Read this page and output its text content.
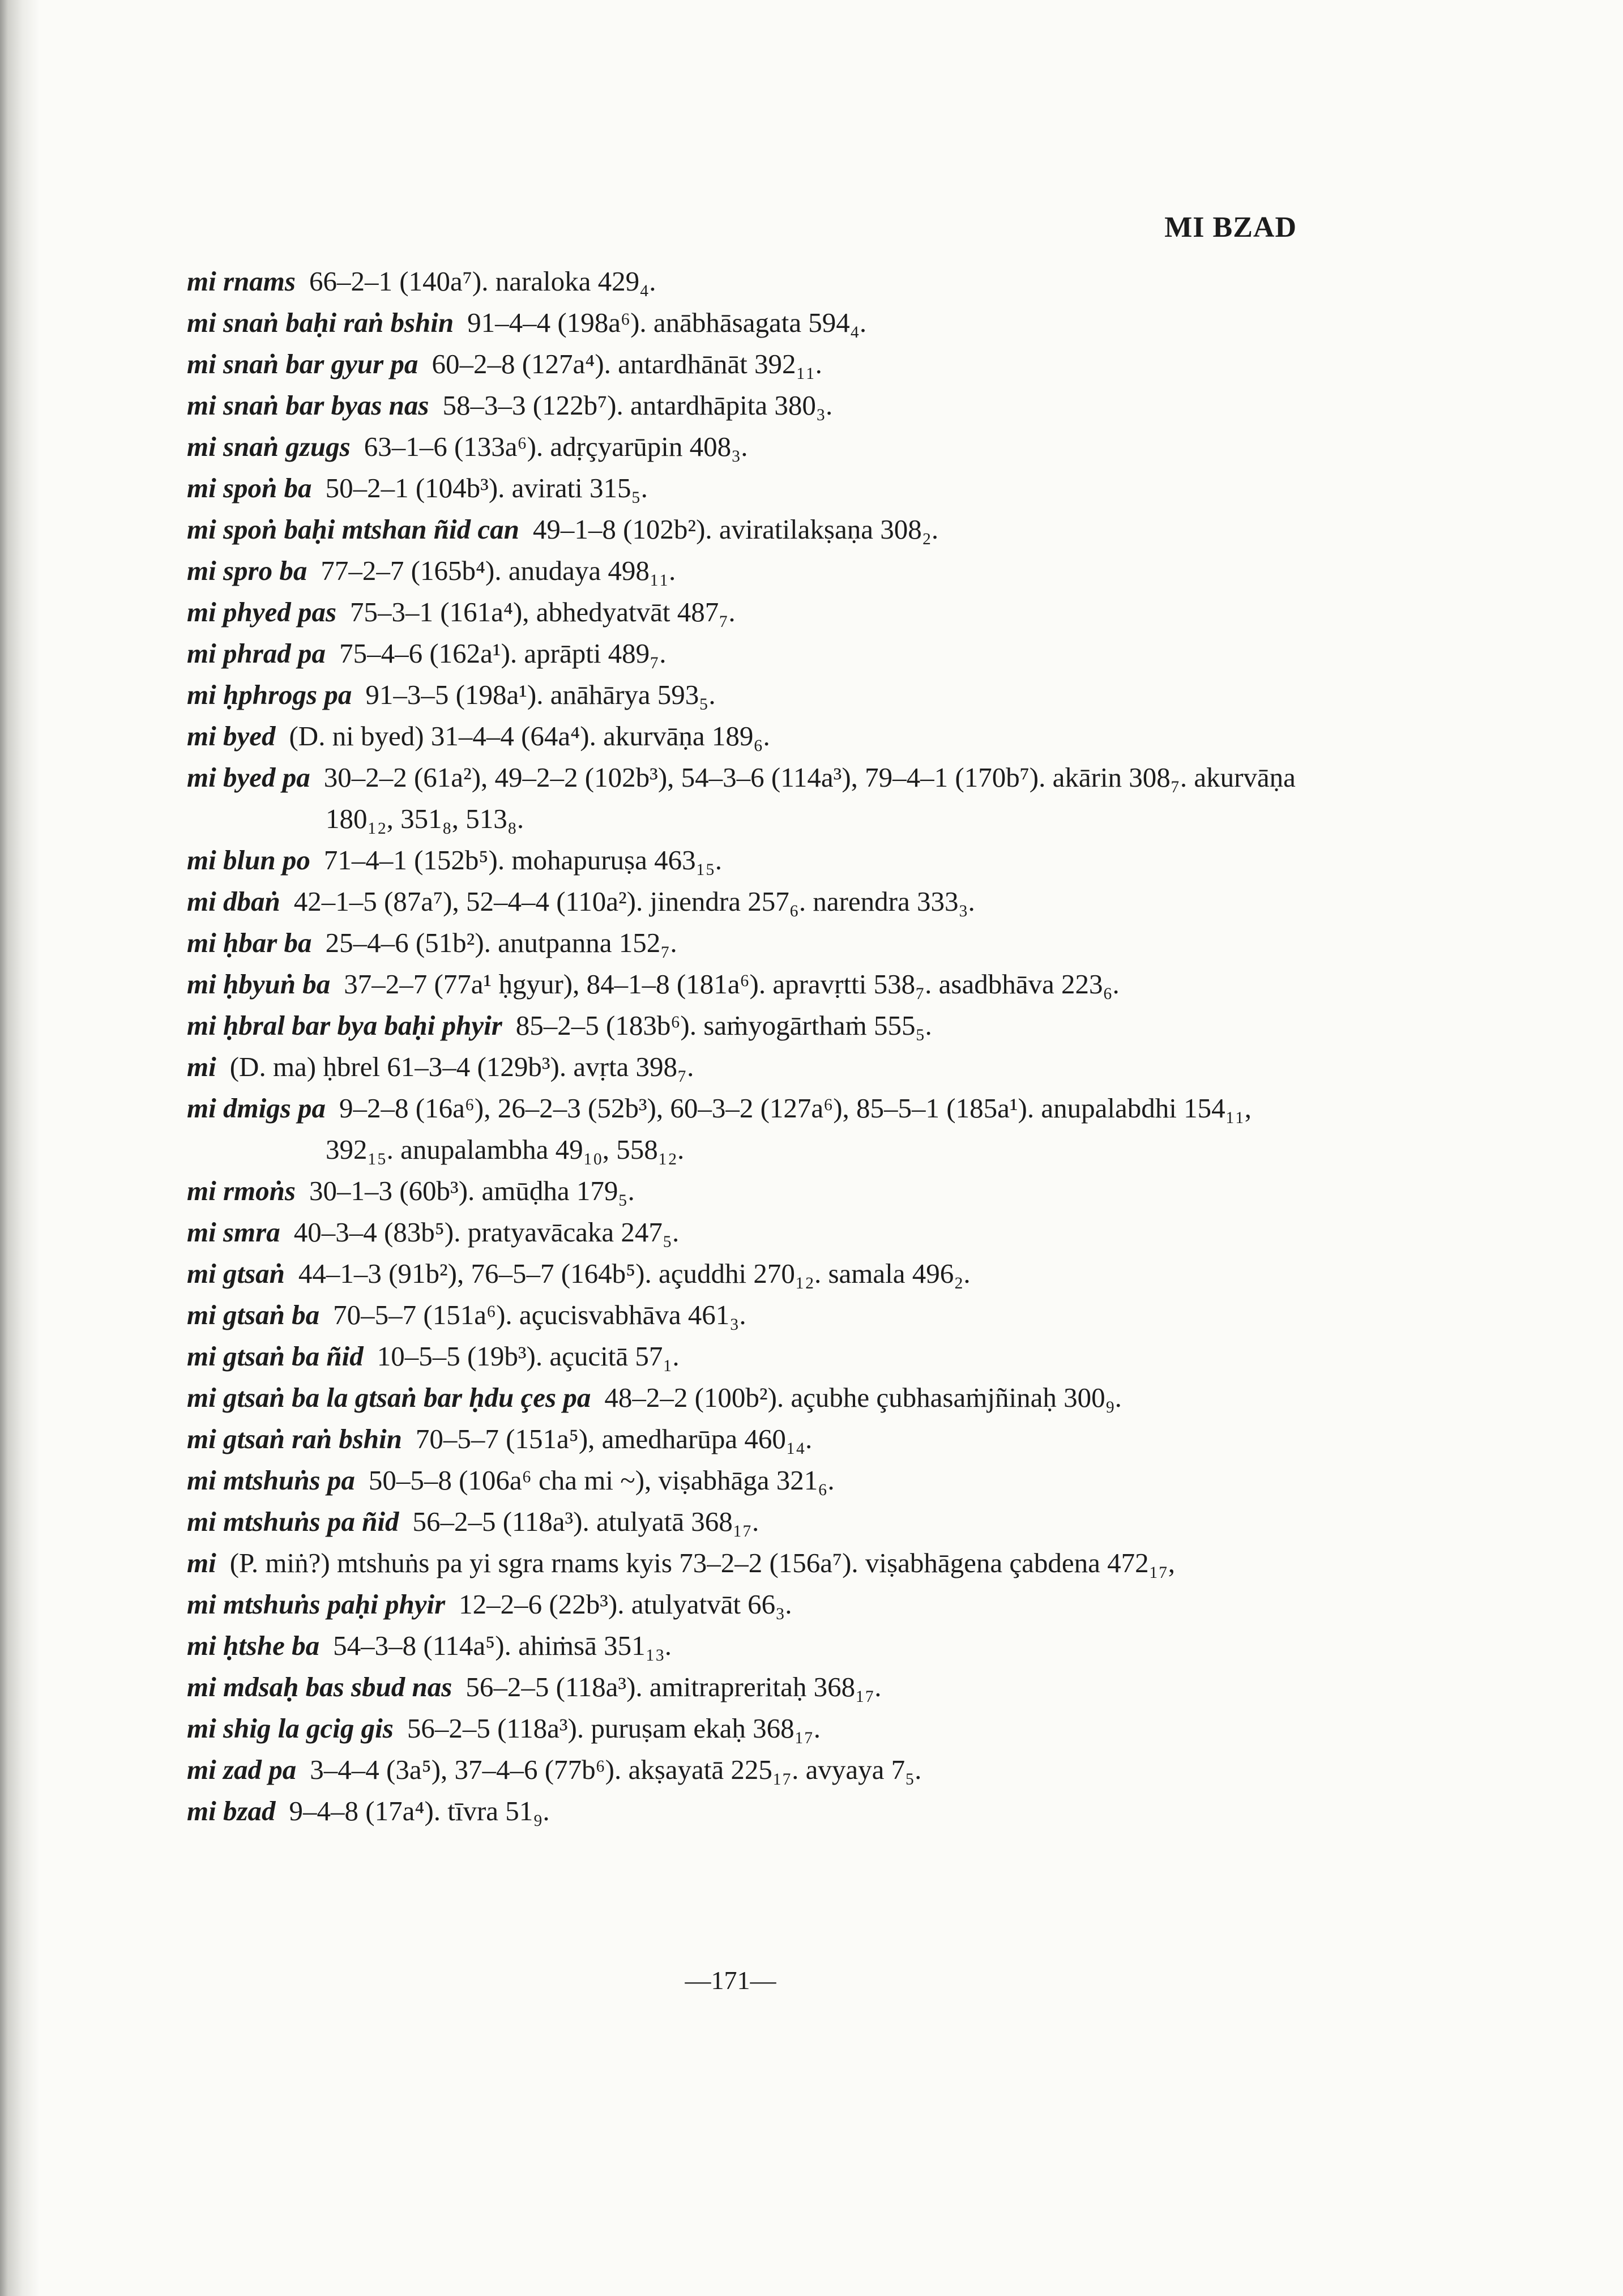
MI BZAD
mi rnams 66–2–1 (140a⁷). naraloka 429₄.
mi snaṅ baḥi raṅ bshin 91–4–4 (198a⁶). anābhāsagata 594₄.
mi snaṅ bar gyur pa 60–2–8 (127a⁴). antardhānāt 392₁₁.
mi snaṅ bar byas nas 58–3–3 (122b⁷). antardhāpita 380₃.
mi snaṅ gzugs 63–1–6 (133a⁶). adṛçyarūpin 408₃.
mi spoṅ ba 50–2–1 (104b³). avirati 315₅.
mi spoṅ baḥi mtshan ñid can 49–1–8 (102b²). aviratilakṣaṇa 308₂.
mi spro ba 77–2–7 (165b⁴). anudaya 498₁₁.
mi phyed pas 75–3–1 (161a⁴), abhedyatvāt 487₇.
mi phrad pa 75–4–6 (162a¹). aprāpti 489₇.
mi ḥphrogs pa 91–3–5 (198a¹). anāhārya 593₅.
mi byed (D. ni byed) 31–4–4 (64a⁴). akurvāṇa 189₆.
mi byed pa 30–2–2 (61a²), 49–2–2 (102b³), 54–3–6 (114a³), 79–4–1 (170b⁷). akārin 308₇. akurvāṇa 180₁₂, 351₈, 513₈.
mi blun po 71–4–1 (152b⁵). mohapuruṣa 463₁₅.
mi dbaṅ 42–1–5 (87a⁷), 52–4–4 (110a²). jinendra 257₆. narendra 333₃.
mi ḥbar ba 25–4–6 (51b²). anutpanna 152₇.
mi ḥbyuṅ ba 37–2–7 (77a¹ ḥgyur), 84–1–8 (181a⁶). apravṛtti 538₇. asadbhāva 223₆.
mi ḥbral bar bya baḥi phyir 85–2–5 (183b⁶). saṁyogārthaṁ 555₅.
mi (D. ma) ḥbrel 61–3–4 (129b³). avṛta 398₇.
mi dmigs pa 9–2–8 (16a⁶), 26–2–3 (52b³), 60–3–2 (127a⁶), 85–5–1 (185a¹). anupalabdhi 154₁₁, 392₁₅. anupalambha 49₁₀, 558₁₂.
mi rmoṅs 30–1–3 (60b³). amūḍha 179₅.
mi smra 40–3–4 (83b⁵). pratyavācaka 247₅.
mi gtsaṅ 44–1–3 (91b²), 76–5–7 (164b⁵). açuddhi 270₁₂. samala 496₂.
mi gtsaṅ ba 70–5–7 (151a⁶). açucisvabhāva 461₃.
mi gtsaṅ ba ñid 10–5–5 (19b³). açucitā 57₁.
mi gtsaṅ ba la gtsaṅ bar ḥdu çes pa 48–2–2 (100b²). açubhe çubhasaṁjñinaḥ 300₉.
mi gtsaṅ raṅ bshin 70–5–7 (151a⁵), amedharūpa 460₁₄.
mi mtshuṅs pa 50–5–8 (106a⁶ cha mi ~), viṣabhāga 321₆.
mi mtshuṅs pa ñid 56–2–5 (118a³). atulyatā 368₁₇.
mi (P. miṅ?) mtshuṅs pa yi sgra rnams kyis 73–2–2 (156a⁷). viṣabhāgena çabdena 472₁₇,
mi mtshuṅs paḥi phyir 12–2–6 (22b³). atulyatvāt 66₃.
mi ḥtshe ba 54–3–8 (114a⁵). ahiṁsā 351₁₃.
mi mdsaḥ bas sbud nas 56–2–5 (118a³). amitrapreritaḥ 368₁₇.
mi shig la gcig gis 56–2–5 (118a³). puruṣam ekaḥ 368₁₇.
mi zad pa 3–4–4 (3a⁵), 37–4–6 (77b⁶). akṣayatā 225₁₇. avyaya 7₅.
mi bzad 9–4–8 (17a⁴). tīvra 51₉.
—171—
